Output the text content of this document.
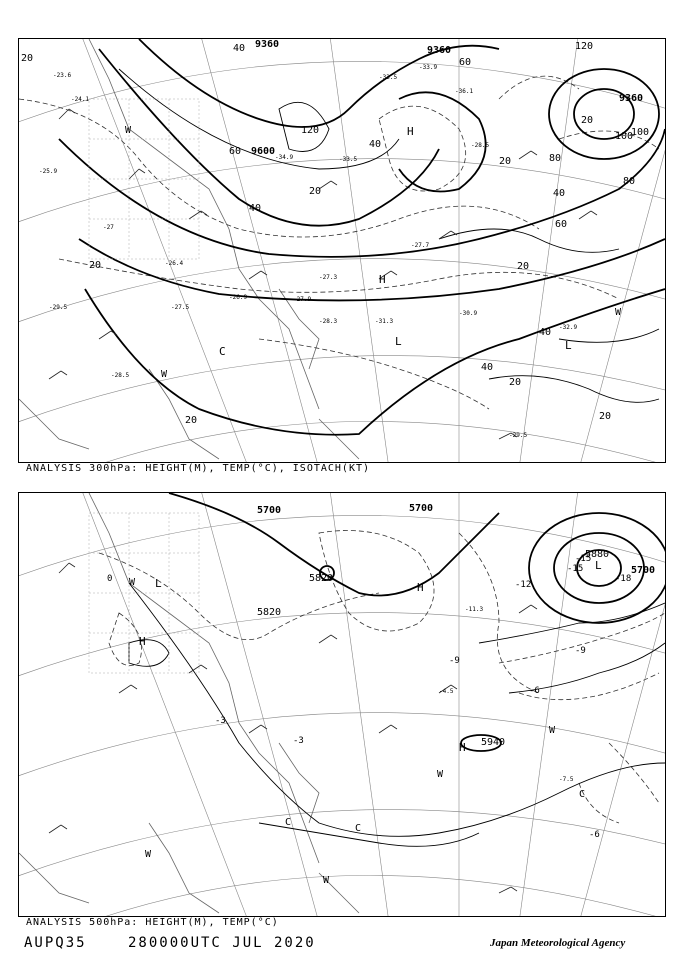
9360
9360
9360
9600
20
40
60
80
100
120
20
40
60
20
40
20
40
20
20
40
20
60
80
100
120
20
40
20
H
H
L
C	L
W
W
W
-23.6
-24.1
-25.9
-27
-26.4
-27.5
-28.5
-29.5
-33.5
-36.1
-33.9
-34.9	-33.5
-30.9
-31.3
-27.7
-28.5
-32.9
-29.5
-26.9
-27.3
-28.3
-27.9
ANALYSIS 300hPa: HEIGHT(M), TEMP(°C), ISOTACH(KT)
5700	5700
5820
5820
5940
5700
5880
H
H
H
L
L
C
C
C
W
W
W
W
W
-9
-12
-15
-6
-3
-9
-6
-3
0
-4.5
-7.5
-11.3
-15
-18
ANALYSIS 500hPa: HEIGHT(M), TEMP(°C)
AUPQ35	280000UTC JUL 2020	Japan Meteorological Agency
